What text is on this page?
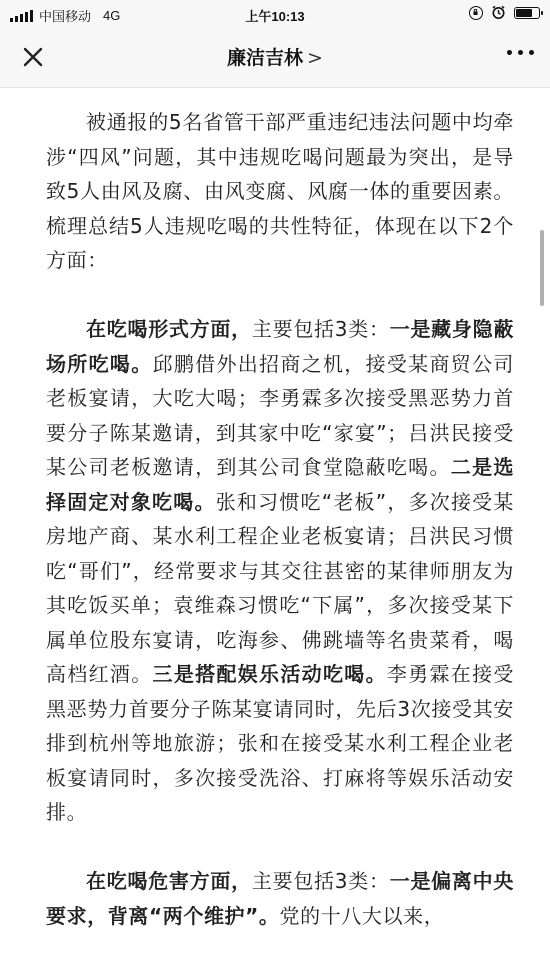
中国移动 4G	上午10:13
廉洁吉林 >

被通报的5名省管干部严重违纪违法问题中均牵涉“四风”问题，其中违规吃喝问题最为突出，是导致5人由风及腐、由风变腐、风腐一体的重要因素。梳理总结5人违规吃喝的共性特征，体现在以下2个方面：

在吃喝形式方面，主要包括3类：一是藏身隐蔽场所吃喝。邱鹏借外出招商之机，接受某商贸公司老板宴请，大吃大喝；李勇霖多次接受黑恶势力首要分子陈某邀请，到其家中吃“家宴”；吕洪民接受某公司老板邀请，到其公司食堂隐蔽吃喝。二是选择固定对象吃喝。张和习惯吃“老板”，多次接受某房地产商、某水利工程企业老板宴请；吕洪民习惯吃“哥们”，经常要求与其交往甚密的某律师朋友为其吃饭买单；袁维森习惯吃“下属”，多次接受某下属单位股东宴请，吃海参、佛跳墙等名贵菜肴，喝高档红酒。三是搭配娱乐活动吃喝。李勇霖在接受黑恶势力首要分子陈某宴请同时，先后3次接受其安排到杭州等地旅游；张和在接受某水利工程企业老板宴请同时，多次接受洗浴、打麻将等娱乐活动安排。

在吃喝危害方面，主要包括3类：一是偏离中央要求，背离“两个维护”。党的十八大以来，
